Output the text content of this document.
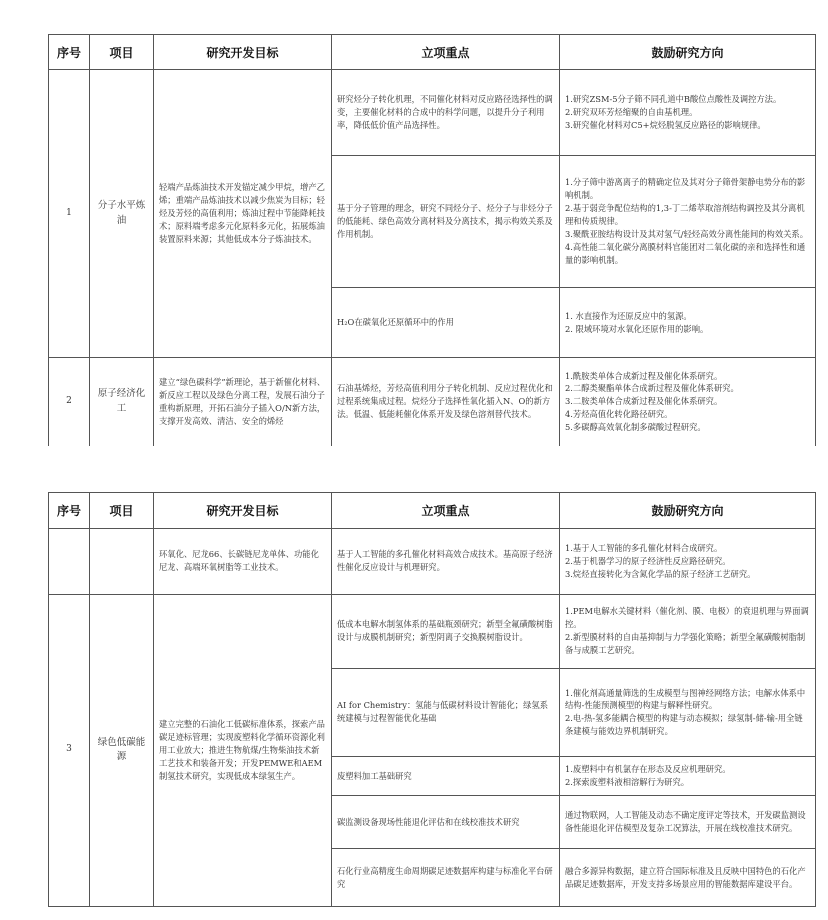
序号	项目	研究开发目标	立项重点	鼓励研究方向
1	分子水平炼油	轻端产品炼油技术开发锚定减少甲烷，增产乙烯；重端产品炼油技术以减少焦炭为目标；轻烃及芳烃的高值利用；炼油过程中节能降耗技术；原料端考虑多元化原料多元化，拓展炼油装置原料来源；其他低成本分子炼油技术。	研究烃分子转化机理，不同催化材料对反应路径选择性的调变，主要催化材料的合成中的科学问题，以提升分子利用率，降低低价值产品选择性。	1.研究ZSM-5分子筛不同孔道中B酸位点酸性及调控方法。
2.研究双环芳烃缩聚的自由基机理。
3.研究催化材料对C5+烷烃脱氢反应路径的影响规律。

			基于分子管理的理念，研究不同烃分子、烃分子与非烃分子的低能耗、绿色高效分离材料及分离技术，揭示构效关系及作用机制。	1.分子筛中游离离子的精确定位及其对分子筛骨架静电势分布的影响机制。
2.基于弱竞争配位结构的1,3-丁二烯萃取溶剂结构调控及其分离机理和传质规律。
3.聚酰亚胺结构设计及其对氢气/轻烃高效分离性能间的构效关系。
4.高性能二氧化碳分离膜材料官能团对二氧化碳的亲和选择性和通量的影响机制。

			H₂O在碳氧化还原循环中的作用	1. 水直接作为还原反应中的氢源。
2. 限域环境对水氧化还原作用的影响。

2	原子经济化工	建立“绿色碳科学”新理论，基于新催化材料、新反应工程以及绿色分离工程，发展石油分子重构新原理，开拓石油分子插入O/N新方法，支撑开发高效、清洁、安全的烯烃	石油基烯烃，芳烃高值利用分子转化机制、反应过程优化和过程系统集成过程。烷烃分子选择性氧化插入N、O的新方法。低温、低能耗催化体系开发及绿色溶剂替代技术。	1.酰胺类单体合成新过程及催化体系研究。
2.二醇类聚酯单体合成新过程及催化体系研究。
3.二胺类单体合成新过程及催化体系研究。
4.芳烃高值化转化路径研究。
5.多碳醇高效氧化制多碳酸过程研究。
序号	项目	研究开发目标	立项重点	鼓励研究方向
		环氧化、尼龙66、长碳链尼龙单体、功能化尼龙、高端环氧树脂等工业技术。	基于人工智能的多孔催化材料高效合成技术。基高原子经济性催化反应设计与机理研究。	1.基于人工智能的多孔催化材料合成研究。
2.基于机器学习的原子经济性反应路径研究。
3.烷烃直接转化为含氮化学品的原子经济工艺研究。

3	绿色低碳能源	建立完整的石油化工低碳标准体系，探索产品碳足迹标管理；实现废塑料化学循环资源化利用工业放大；推进生物航煤/生物柴油技术新工艺技术和装备开发；开发PEMWE和AEM制氢技术研究，实现低成本绿氢生产。	低成本电解水制氢体系的基础瓶颈研究；新型全氟磺酸树脂设计与成膜机制研究；新型阴离子交换膜树脂设计。	1.PEM电解水关键材料（催化剂、膜、电极）的衰退机理与界面调控。
2.新型膜材料的自由基抑制与力学强化策略；新型全氟磺酸树脂制备与成膜工艺研究。

			AI for Chemistry：氢能与低碳材料设计智能化；绿氢系统建模与过程智能优化基础	1.催化剂高通量筛选的生成模型与图神经网络方法；电解水体系中结构-性能预测模型的构建与解释性研究。
2.电-热-氢多能耦合模型的构建与动态模拟；绿氢制-储-输-用全链条建模与能效边界机制研究。

			废塑料加工基础研究	1.废塑料中有机氯存在形态及反应机理研究。
2.探索废塑料液相溶解行为研究。

			碳监测设备现场性能退化评估和在线校准技术研究	通过物联网，人工智能及动态不确定度评定等技术，开发碳监测设备性能退化评估模型及复杂工况算法，开展在线校准技术研究。

			石化行业高精度生命周期碳足迹数据库构建与标准化平台研究	融合多源异构数据，建立符合国际标准及且反映中国特色的石化产品碳足迹数据库，开发支持多场景应用的智能数据库建设平台。
